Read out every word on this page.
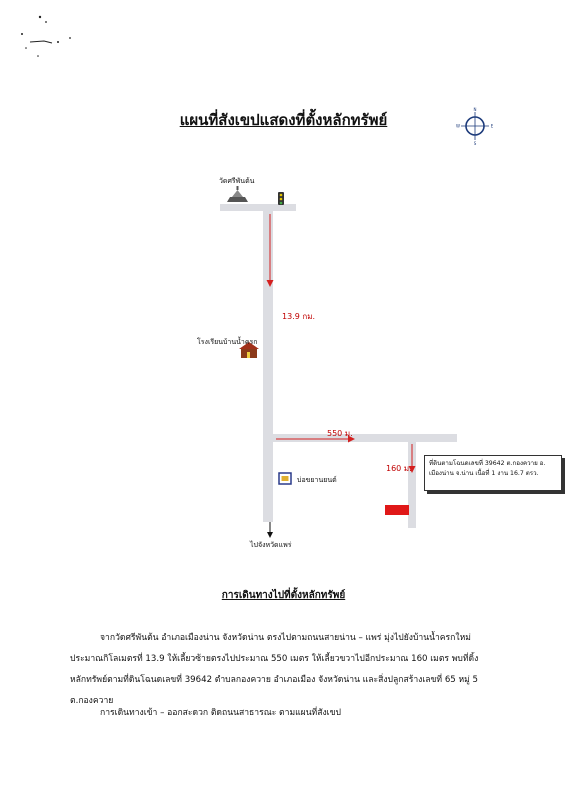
แผนที่สังเขปแสดงที่ตั้งหลักทรัพย์
N
S
W	E
วัดศรีพันต้น
โรงเรียนบ้านน้ำครก
บ่อขยานยนต์
ไปจังหวัดแพร่
13.9 กม.
550 ม.
160 ม.
ที่ดินตามโฉนดเลขที่ 39642 ต.กองควาย อ.
เมืองน่าน จ.น่าน เนื้อที่ 1 งาน 16.7 ตรว.
การเดินทางไปที่ตั้งหลักทรัพย์
จากวัดศรีพันต้น อำเภอเมืองน่าน จังหวัดน่าน ตรงไปตามถนนสายน่าน – แพร่ มุ่งไปยังบ้านน้ำครกใหม่
ประมาณกิโลเมตรที่ 13.9 ให้เลี้ยวซ้ายตรงไปประมาณ 550 เมตร ให้เลี้ยวขวาไปอีกประมาณ 160 เมตร พบที่ดิ้ง
หลักทรัพย์ตามที่ดินโฉนดเลขที่ 39642 ตำบลกองควาย อำเภอเมือง จังหวัดน่าน และสิ่งปลูกสร้างเลขที่ 65 หมู่ 5
ต.กองควาย
การเดินทางเข้า – ออกสะดวก ติดถนนสาธารณะ ตามแผนที่สังเขป
